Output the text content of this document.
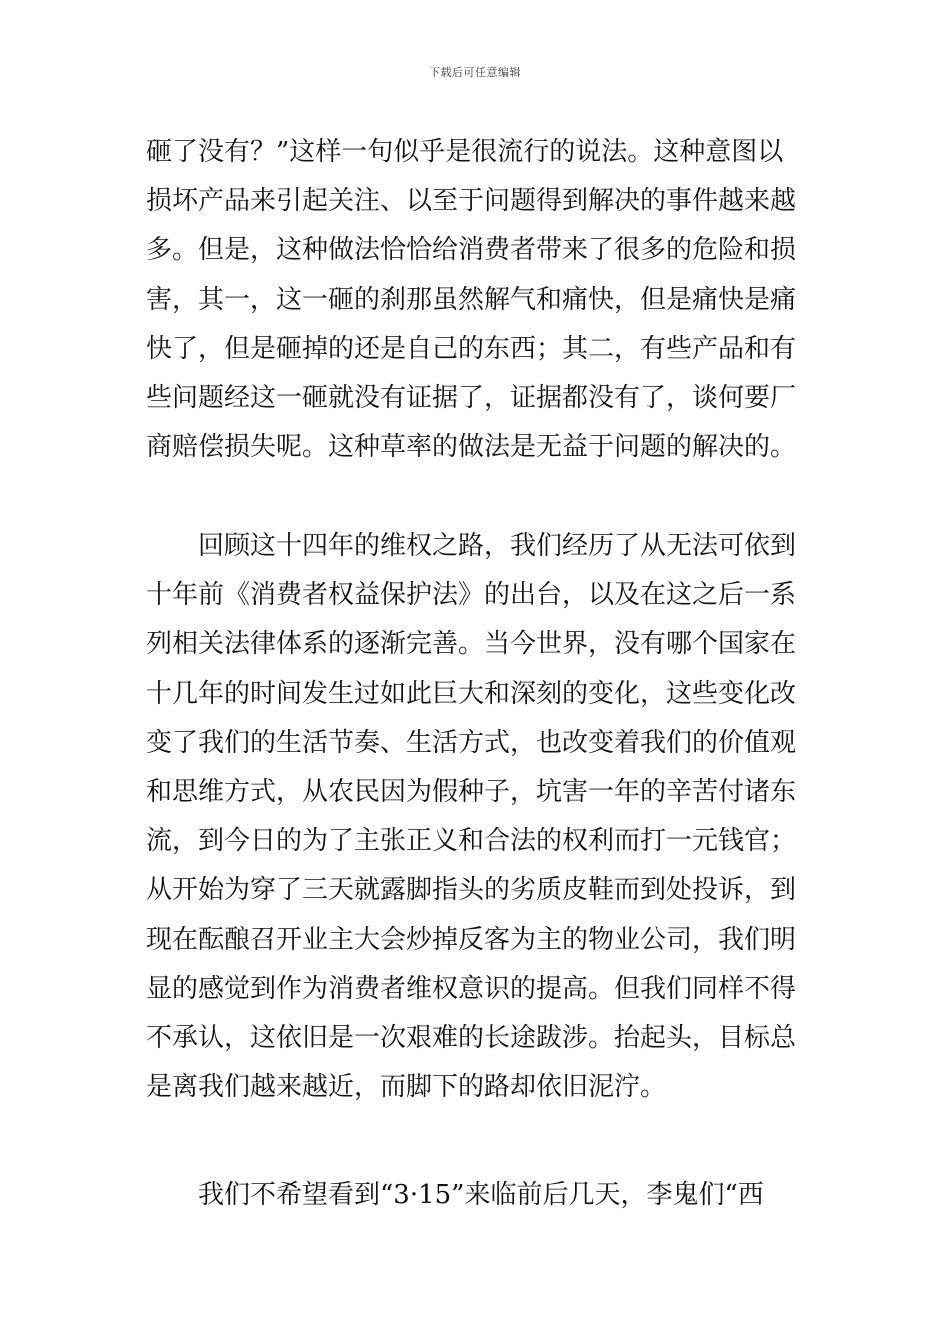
下载后可任意编辑
砸了没有？”这样一句似乎是很流行的说法。这种意图以
损坏产品来引起关注、以至于问题得到解决的事件越来越
多。但是，这种做法恰恰给消费者带来了很多的危险和损
害，其一，这一砸的刹那虽然解气和痛快，但是痛快是痛
快了，但是砸掉的还是自己的东西；其二，有些产品和有
些问题经这一砸就没有证据了，证据都没有了，谈何要厂
商赔偿损失呢。这种草率的做法是无益于问题的解决的。
回顾这十四年的维权之路，我们经历了从无法可依到
十年前《消费者权益保护法》的出台，以及在这之后一系
列相关法律体系的逐渐完善。当今世界，没有哪个国家在
十几年的时间发生过如此巨大和深刻的变化，这些变化改
变了我们的生活节奏、生活方式，也改变着我们的价值观
和思维方式，从农民因为假种子，坑害一年的辛苦付诸东
流，到今日的为了主张正义和合法的权利而打一元钱官；
从开始为穿了三天就露脚指头的劣质皮鞋而到处投诉，到
现在酝酿召开业主大会炒掉反客为主的物业公司，我们明
显的感觉到作为消费者维权意识的提高。但我们同样不得
不承认，这依旧是一次艰难的长途跋涉。抬起头，目标总
是离我们越来越近，而脚下的路却依旧泥泞。
我们不希望看到“3·15”来临前后几天，李鬼们“西
